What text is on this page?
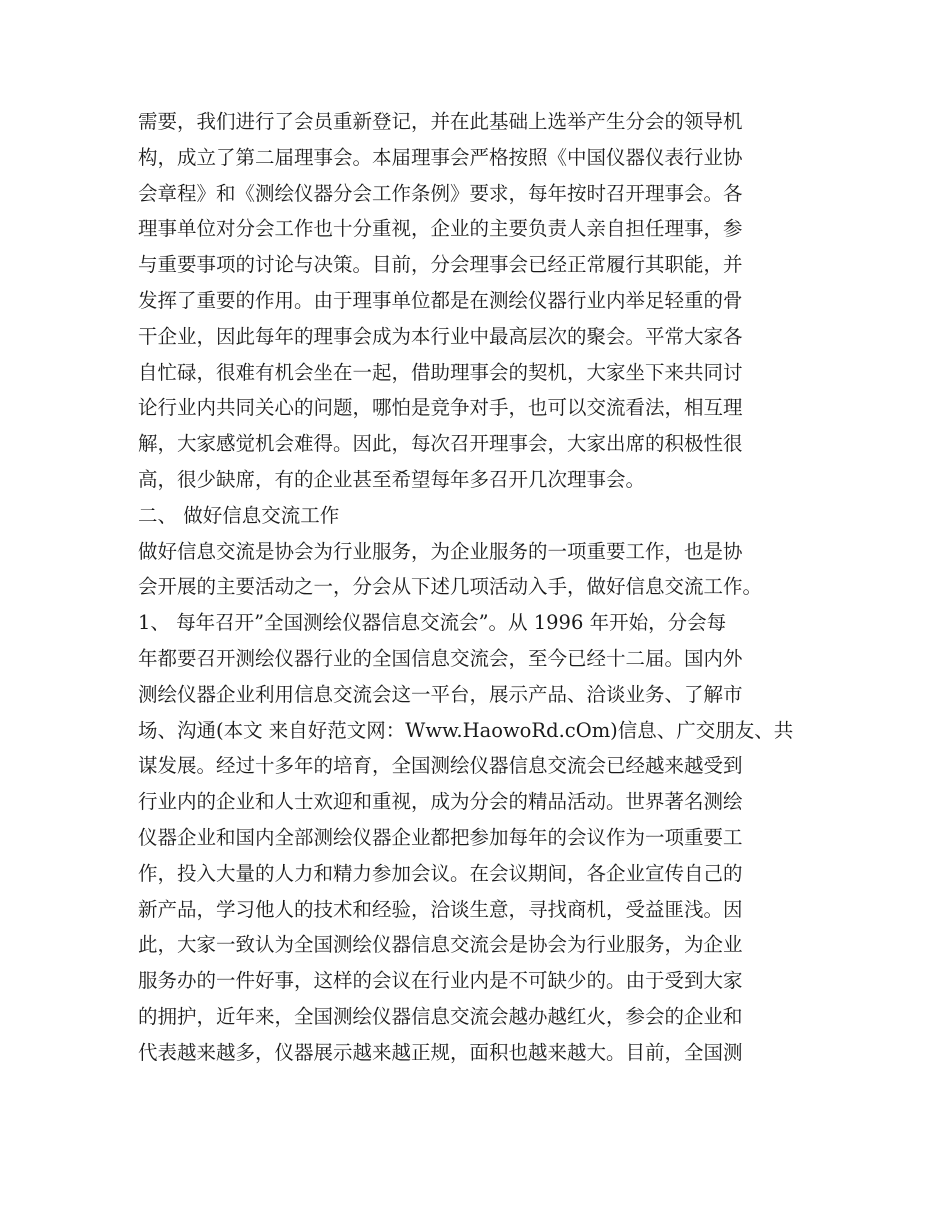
需要，我们进行了会员重新登记，并在此基础上选举产生分会的领导机
构，成立了第二届理事会。本届理事会严格按照《中国仪器仪表行业协
会章程》和《测绘仪器分会工作条例》要求，每年按时召开理事会。各
理事单位对分会工作也十分重视，企业的主要负责人亲自担任理事，参
与重要事项的讨论与决策。目前，分会理事会已经正常履行其职能，并
发挥了重要的作用。由于理事单位都是在测绘仪器行业内举足轻重的骨
干企业，因此每年的理事会成为本行业中最高层次的聚会。平常大家各
自忙碌，很难有机会坐在一起，借助理事会的契机，大家坐下来共同讨
论行业内共同关心的问题，哪怕是竞争对手，也可以交流看法，相互理
解，大家感觉机会难得。因此，每次召开理事会，大家出席的积极性很
高，很少缺席，有的企业甚至希望每年多召开几次理事会。
二、 做好信息交流工作
做好信息交流是协会为行业服务，为企业服务的一项重要工作，也是协
会开展的主要活动之一，分会从下述几项活动入手，做好信息交流工作。
1、 每年召开”全国测绘仪器信息交流会”。从 1996 年开始，分会每
年都要召开测绘仪器行业的全国信息交流会，至今已经十二届。国内外
测绘仪器企业利用信息交流会这一平台，展示产品、洽谈业务、了解市
场、沟通(本文 来自好范文网：Www.HaowoRd.cOm)信息、广交朋友、共
谋发展。经过十多年的培育，全国测绘仪器信息交流会已经越来越受到
行业内的企业和人士欢迎和重视，成为分会的精品活动。世界著名测绘
仪器企业和国内全部测绘仪器企业都把参加每年的会议作为一项重要工
作，投入大量的人力和精力参加会议。在会议期间，各企业宣传自己的
新产品，学习他人的技术和经验，洽谈生意，寻找商机，受益匪浅。因
此，大家一致认为全国测绘仪器信息交流会是协会为行业服务，为企业
服务办的一件好事，这样的会议在行业内是不可缺少的。由于受到大家
的拥护，近年来，全国测绘仪器信息交流会越办越红火，参会的企业和
代表越来越多，仪器展示越来越正规，面积也越来越大。目前，全国测
